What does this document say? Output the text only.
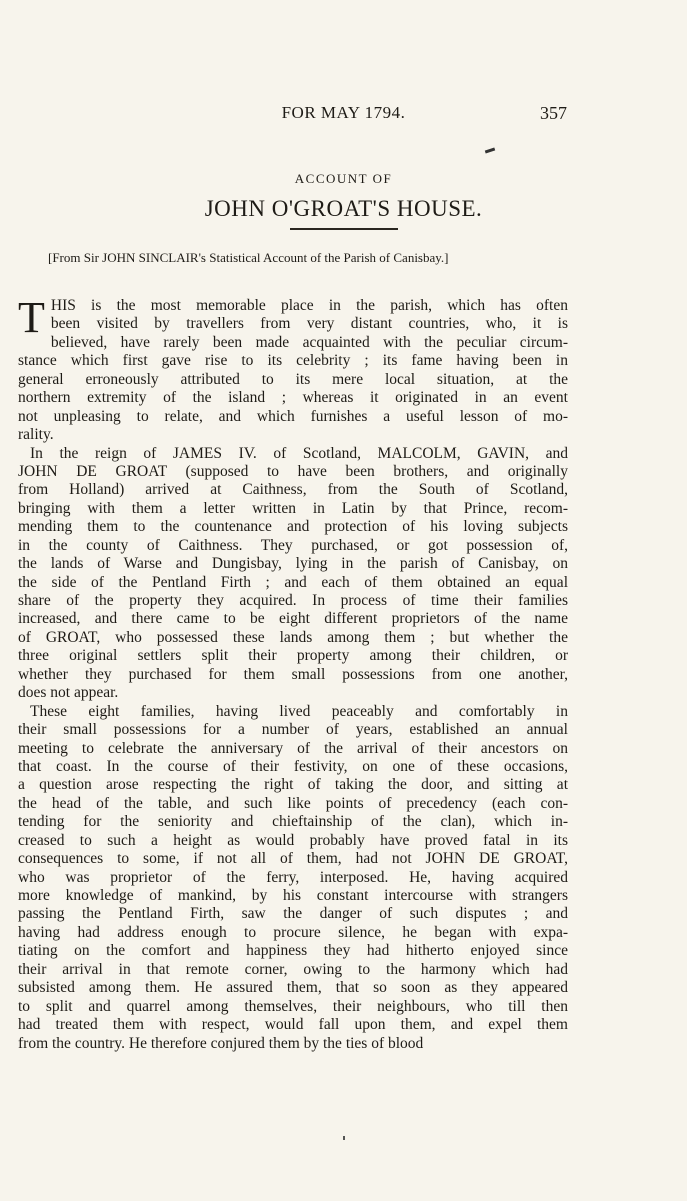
FOR MAY 1794.	357
ACCOUNT OF
JOHN O'GROAT'S HOUSE.
[From Sir JOHN SINCLAIR's Statistical Account of the Parish of Canisbay.]
T HIS is the most memorable place in the parish, which has often
been visited by travellers from very distant countries, who, it is
believed, have rarely been made acquainted with the peculiar circum-
stance which first gave rise to its celebrity ; its fame having been in
general erroneously attributed to its mere local situation, at the
northern extremity of the island ; whereas it originated in an event
not unpleasing to relate, and which furnishes a useful lesson of mo-
rality.
In the reign of JAMES IV. of Scotland, MALCOLM, GAVIN, and
JOHN DE GROAT (supposed to have been brothers, and originally
from Holland) arrived at Caithness, from the South of Scotland,
bringing with them a letter written in Latin by that Prince, recom-
mending them to the countenance and protection of his loving subjects
in the county of Caithness. They purchased, or got possession of,
the lands of Warse and Dungisbay, lying in the parish of Canisbay, on
the side of the Pentland Firth ; and each of them obtained an equal
share of the property they acquired. In process of time their families
increased, and there came to be eight different proprietors of the name
of GROAT, who possessed these lands among them ; but whether the
three original settlers split their property among their children, or
whether they purchased for them small possessions from one another,
does not appear.
These eight families, having lived peaceably and comfortably in
their small possessions for a number of years, established an annual
meeting to celebrate the anniversary of the arrival of their ancestors on
that coast. In the course of their festivity, on one of these occasions,
a question arose respecting the right of taking the door, and sitting at
the head of the table, and such like points of precedency (each con-
tending for the seniority and chieftainship of the clan), which in-
creased to such a height as would probably have proved fatal in its
consequences to some, if not all of them, had not JOHN DE GROAT,
who was proprietor of the ferry, interposed. He, having acquired
more knowledge of mankind, by his constant intercourse with strangers
passing the Pentland Firth, saw the danger of such disputes ; and
having had address enough to procure silence, he began with expa-
tiating on the comfort and happiness they had hitherto enjoyed since
their arrival in that remote corner, owing to the harmony which had
subsisted among them. He assured them, that so soon as they appeared
to split and quarrel among themselves, their neighbours, who till then
had treated them with respect, would fall upon them, and expel them
from the country. He therefore conjured them by the ties of blood
